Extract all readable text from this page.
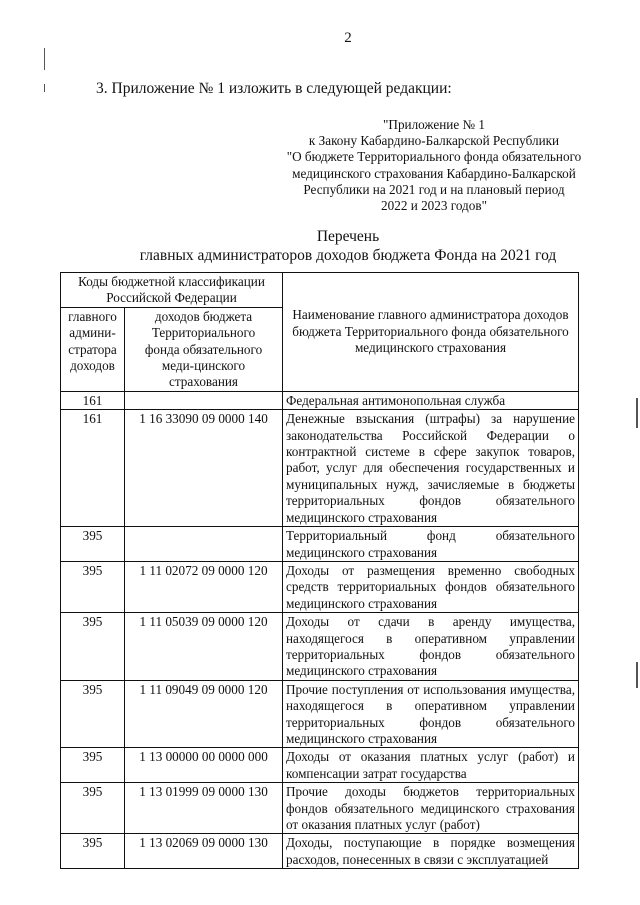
2
3. Приложение № 1 изложить в следующей редакции:
"Приложение № 1
к Закону Кабардино-Балкарской Республики
"О бюджете Территориального фонда обязательного
медицинского страхования Кабардино-Балкарской
Республики на 2021 год и на плановый период
2022 и 2023 годов"
Перечень
главных администраторов доходов бюджета Фонда на 2021 год
Коды бюджетной классификации Российской Федерации		Наименование главного администратора доходов бюджета Территориального фонда обязательного медицинского страхования
главного админи-стратора доходов	доходов бюджета Территориального фонда обязательного меди-цинского страхования	
161		Федеральная антимонопольная служба
161	1 16 33090 09 0000 140	Денежные взыскания (штрафы) за нарушение законодательства Российской Федерации о контрактной системе в сфере закупок товаров, работ, услуг для обеспечения государственных и муниципальных нужд, зачисляемые в бюджеты территориальных фондов обязательного медицинского страхования
395		Территориальный фонд обязательного медицинского страхования
395	1 11 02072 09 0000 120	Доходы от размещения временно свободных средств территориальных фондов обязательного медицинского страхования
395	1 11 05039 09 0000 120	Доходы от сдачи в аренду имущества, находящегося в оперативном управлении территориальных фондов обязательного медицинского страхования
395	1 11 09049 09 0000 120	Прочие поступления от использования имущества, находящегося в оперативном управлении территориальных фондов обязательного медицинского страхования
395	1 13 00000 00 0000 000	Доходы от оказания платных услуг (работ) и компенсации затрат государства
395	1 13 01999 09 0000 130	Прочие доходы бюджетов территориальных фондов обязательного медицинского страхования от оказания платных услуг (работ)
395	1 13 02069 09 0000 130	Доходы, поступающие в порядке возмещения расходов, понесенных в связи с эксплуатацией
